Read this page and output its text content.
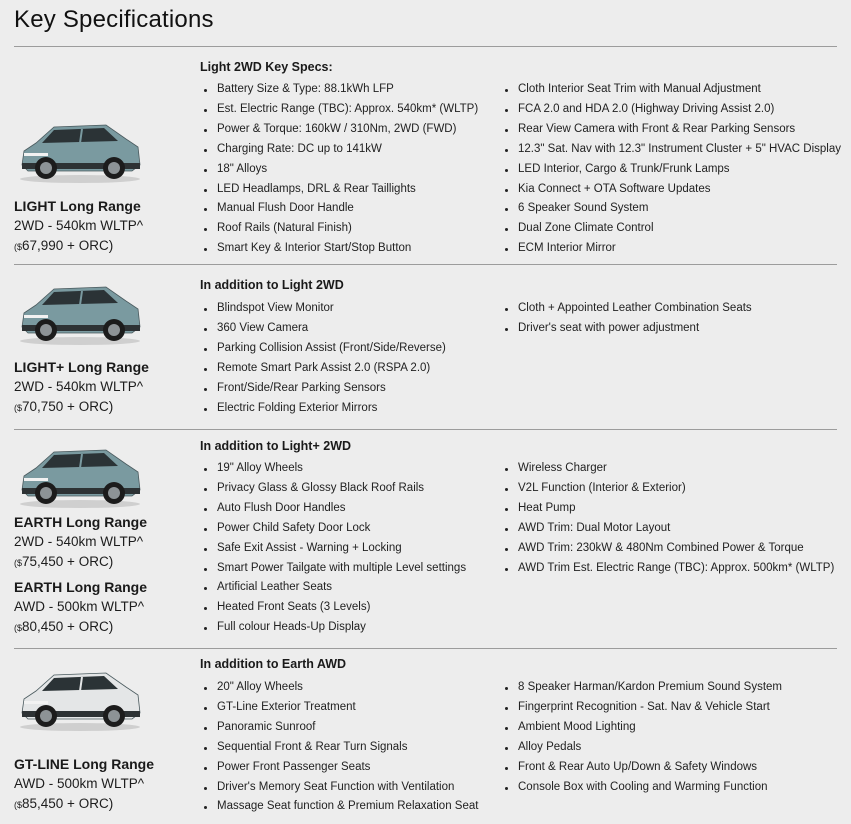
Key Specifications
LIGHT Long Range
2WD - 540km WLTP^
($67,990 + ORC)
Light 2WD Key Specs:
Battery Size & Type: 88.1kWh LFP
Est. Electric Range (TBC): Approx. 540km* (WLTP)
Power & Torque: 160kW / 310Nm, 2WD (FWD)
Charging Rate: DC up to 141kW
18" Alloys
LED Headlamps, DRL & Rear Taillights
Manual Flush Door Handle
Roof Rails (Natural Finish)
Smart Key & Interior Start/Stop Button
Cloth Interior Seat Trim with Manual Adjustment
FCA 2.0 and HDA 2.0 (Highway Driving Assist 2.0)
Rear View Camera with Front & Rear Parking Sensors
12.3" Sat. Nav with 12.3" Instrument Cluster + 5" HVAC Display
LED Interior, Cargo & Trunk/Frunk Lamps
Kia Connect + OTA Software Updates
6 Speaker Sound System
Dual Zone Climate Control
ECM Interior Mirror
LIGHT+ Long Range
2WD - 540km WLTP^
($70,750 + ORC)
In addition to Light 2WD
Blindspot View Monitor
360 View Camera
Parking Collision Assist (Front/Side/Reverse)
Remote Smart Park Assist 2.0 (RSPA 2.0)
Front/Side/Rear Parking Sensors
Electric Folding Exterior Mirrors
Cloth + Appointed Leather Combination Seats
Driver's seat with power adjustment
EARTH Long Range
2WD - 540km WLTP^
($75,450 + ORC)
EARTH Long Range
AWD - 500km WLTP^
($80,450 + ORC)
In addition to Light+ 2WD
19" Alloy Wheels
Privacy Glass & Glossy Black Roof Rails
Auto Flush Door Handles
Power Child Safety Door Lock
Safe Exit Assist - Warning + Locking
Smart Power Tailgate with multiple Level settings
Artificial Leather Seats
Heated Front Seats (3 Levels)
Full colour Heads-Up Display
Wireless Charger
V2L Function (Interior & Exterior)
Heat Pump
AWD Trim: Dual Motor Layout
AWD Trim: 230kW & 480Nm Combined Power & Torque
AWD Trim Est. Electric Range (TBC): Approx. 500km* (WLTP)
GT-LINE Long Range
AWD - 500km WLTP^
($85,450 + ORC)
In addition to Earth AWD
20" Alloy Wheels
GT-Line Exterior Treatment
Panoramic Sunroof
Sequential Front & Rear Turn Signals
Power Front Passenger Seats
Driver's Memory Seat Function with Ventilation
Massage Seat function & Premium Relaxation Seat
8 Speaker Harman/Kardon Premium Sound System
Fingerprint Recognition - Sat. Nav & Vehicle Start
Ambient Mood Lighting
Alloy Pedals
Front & Rear Auto Up/Down & Safety Windows
Console Box with Cooling and Warming Function
